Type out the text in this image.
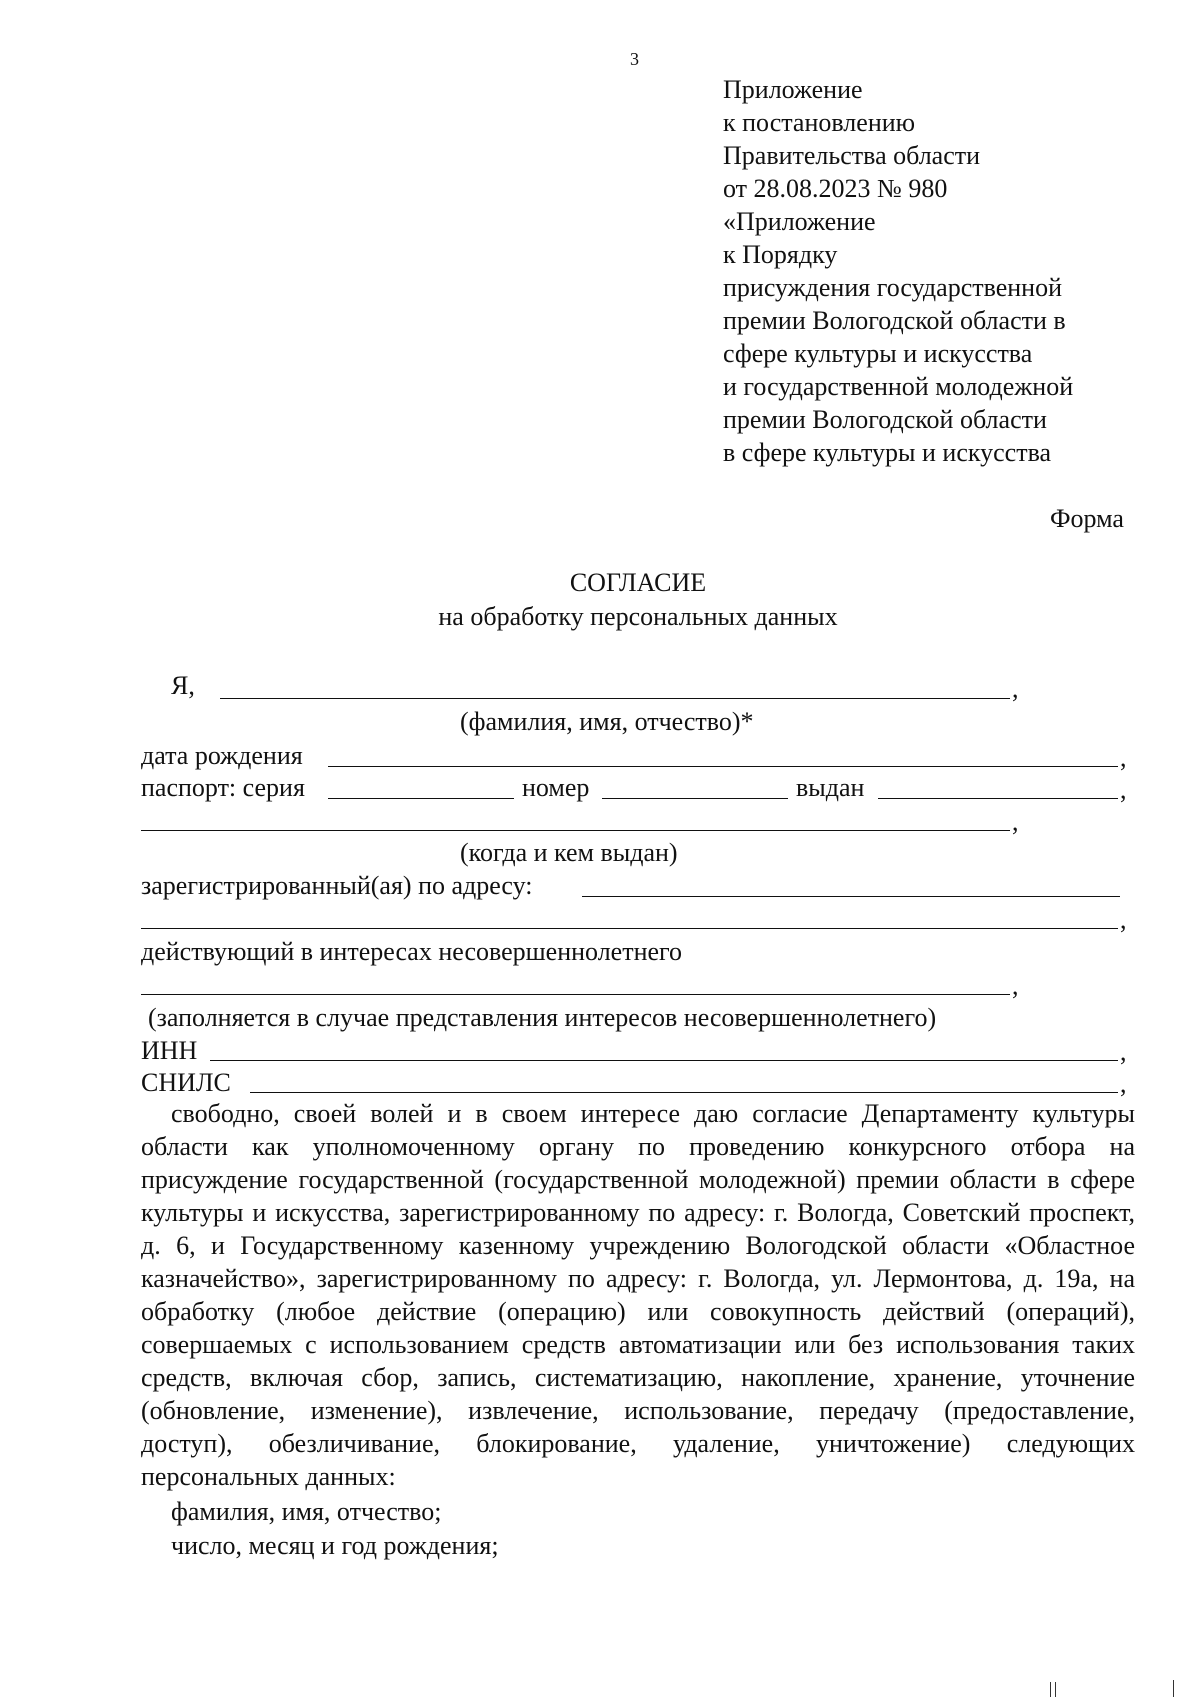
3
Приложение
к постановлению
Правительства области
от 28.08.2023 № 980
«Приложение
к Порядку
присуждения государственной
премии Вологодской области в
сфере культуры и искусства
и государственной молодежной
премии Вологодской области
в сфере культуры и искусства
Форма
СОГЛАСИЕ
на обработку персональных данных
Я,	,
(фамилия, имя, отчество)*
дата рождения	,
паспорт: серия	номер	выдан	,
,
(когда и кем выдан)
зарегистрированный(ая) по адресу:
,
действующий в интересах несовершеннолетнего
,
(заполняется в случае представления интересов несовершеннолетнего)
ИНН	,
СНИЛС	,
свободно, своей волей и в своем интересе даю согласие Департаменту культуры области как уполномоченному органу по проведению конкурсного отбора на присуждение государственной (государственной молодежной) премии области в сфере культуры и искусства, зарегистрированному по адресу: г. Вологда, Советский проспект, д. 6, и Государственному казенному учреждению Вологодской области «Областное казначейство», зарегистрированному по адресу: г. Вологда, ул. Лермонтова, д. 19а, на обработку (любое действие (операцию) или совокупность действий (операций), совершаемых с использованием средств автоматизации или без использования таких средств, включая сбор, запись, систематизацию, накопление, хранение, уточнение (обновление, изменение), извлечение, использование, передачу (предоставление, доступ), обезличивание, блокирование, удаление, уничтожение) следующих персональных данных:
фамилия, имя, отчество;
число, месяц и год рождения;
